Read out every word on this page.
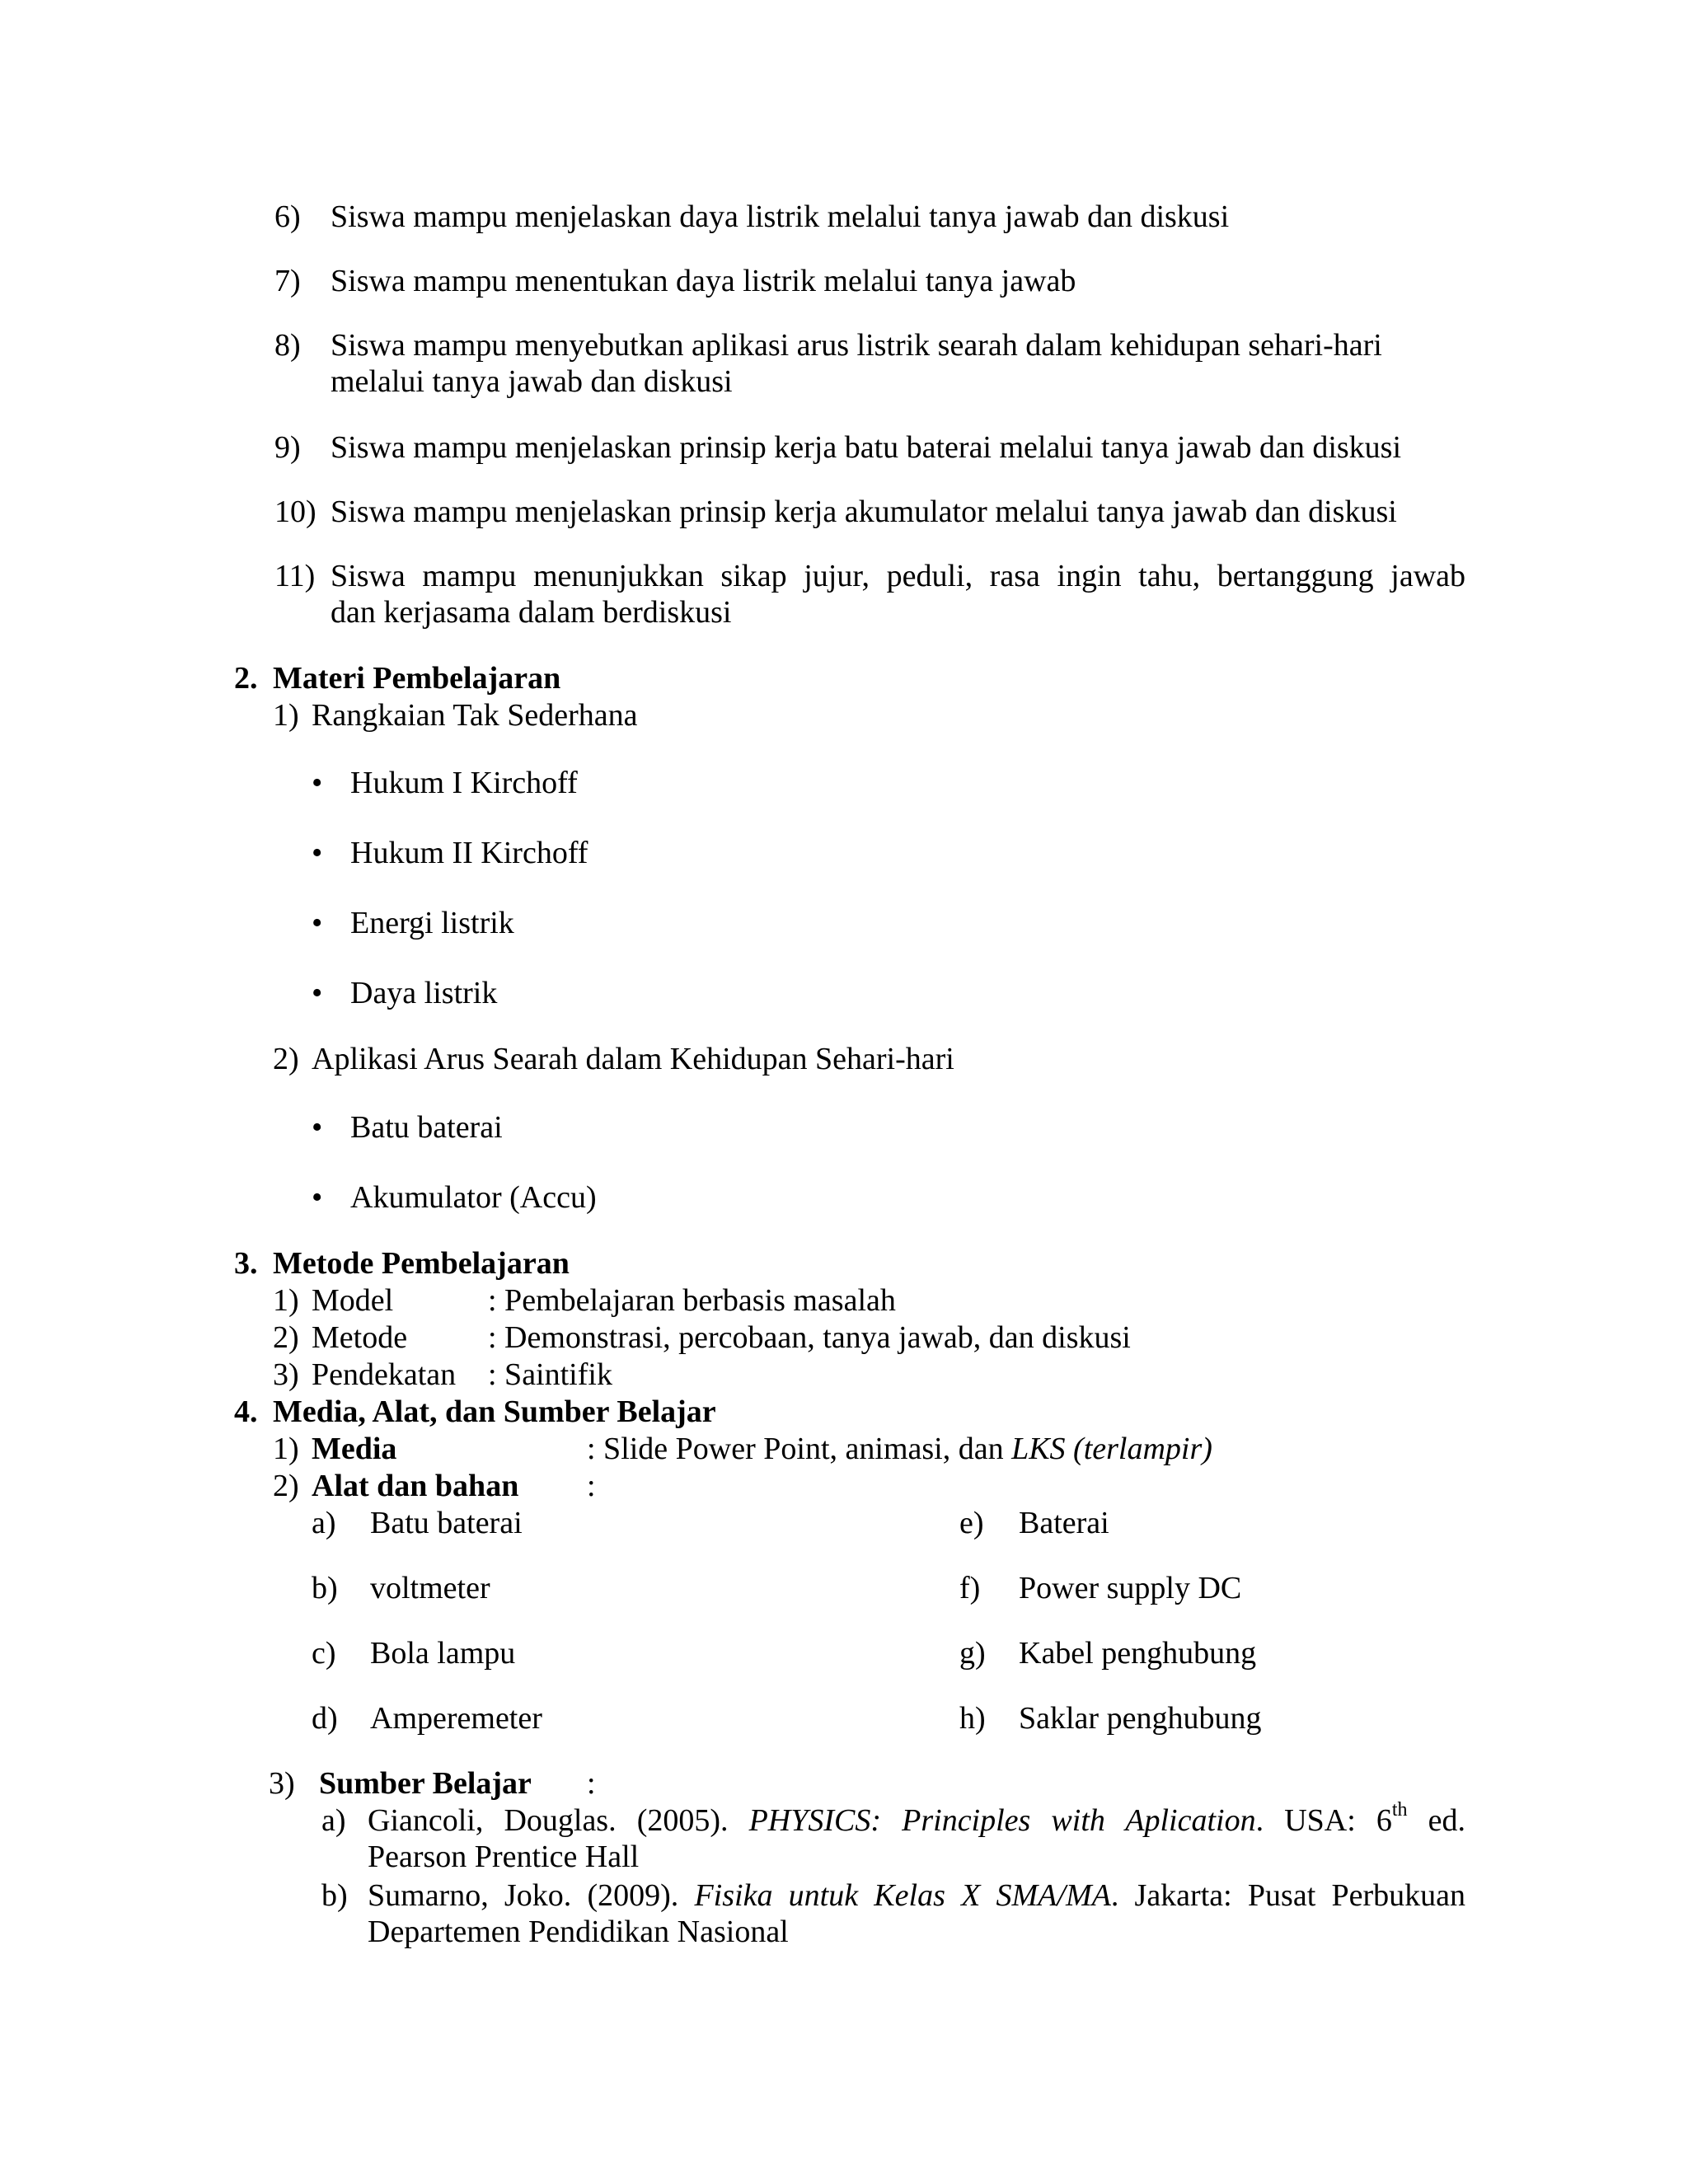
6) Siswa mampu menjelaskan daya listrik melalui tanya jawab dan diskusi
7) Siswa mampu menentukan daya listrik melalui tanya jawab
8) Siswa mampu menyebutkan aplikasi arus listrik searah dalam kehidupan sehari-hari
melalui tanya jawab dan diskusi
9) Siswa mampu menjelaskan prinsip kerja batu baterai melalui tanya jawab dan diskusi
10) Siswa mampu menjelaskan prinsip kerja akumulator melalui tanya jawab dan diskusi
11) Siswa mampu menunjukkan sikap jujur, peduli, rasa ingin tahu, bertanggung jawab
dan kerjasama dalam berdiskusi
2. Materi Pembelajaran
1) Rangkaian Tak Sederhana
• Hukum I Kirchoff
• Hukum II Kirchoff
• Energi listrik
• Daya listrik
2) Aplikasi Arus Searah dalam Kehidupan Sehari-hari
• Batu baterai
• Akumulator (Accu)
3. Metode Pembelajaran
1) Model	: Pembelajaran berbasis masalah
2) Metode	: Demonstrasi, percobaan, tanya jawab, dan diskusi
3) Pendekatan : Saintifik
4. Media, Alat, dan Sumber Belajar
1) Media	: Slide Power Point, animasi, dan LKS (terlampir)
2) Alat dan bahan :
a) Batu baterai
b) voltmeter
c) Bola lampu
d) Amperemeter
e) Baterai
f) Power supply DC
g) Kabel penghubung
h) Saklar penghubung
3) Sumber Belajar :
a) Giancoli, Douglas. (2005). PHYSICS: Principles with Aplication. USA: 6th ed.
Pearson Prentice Hall
b) Sumarno, Joko. (2009). Fisika untuk Kelas X SMA/MA. Jakarta: Pusat Perbukuan
Departemen Pendidikan Nasional
